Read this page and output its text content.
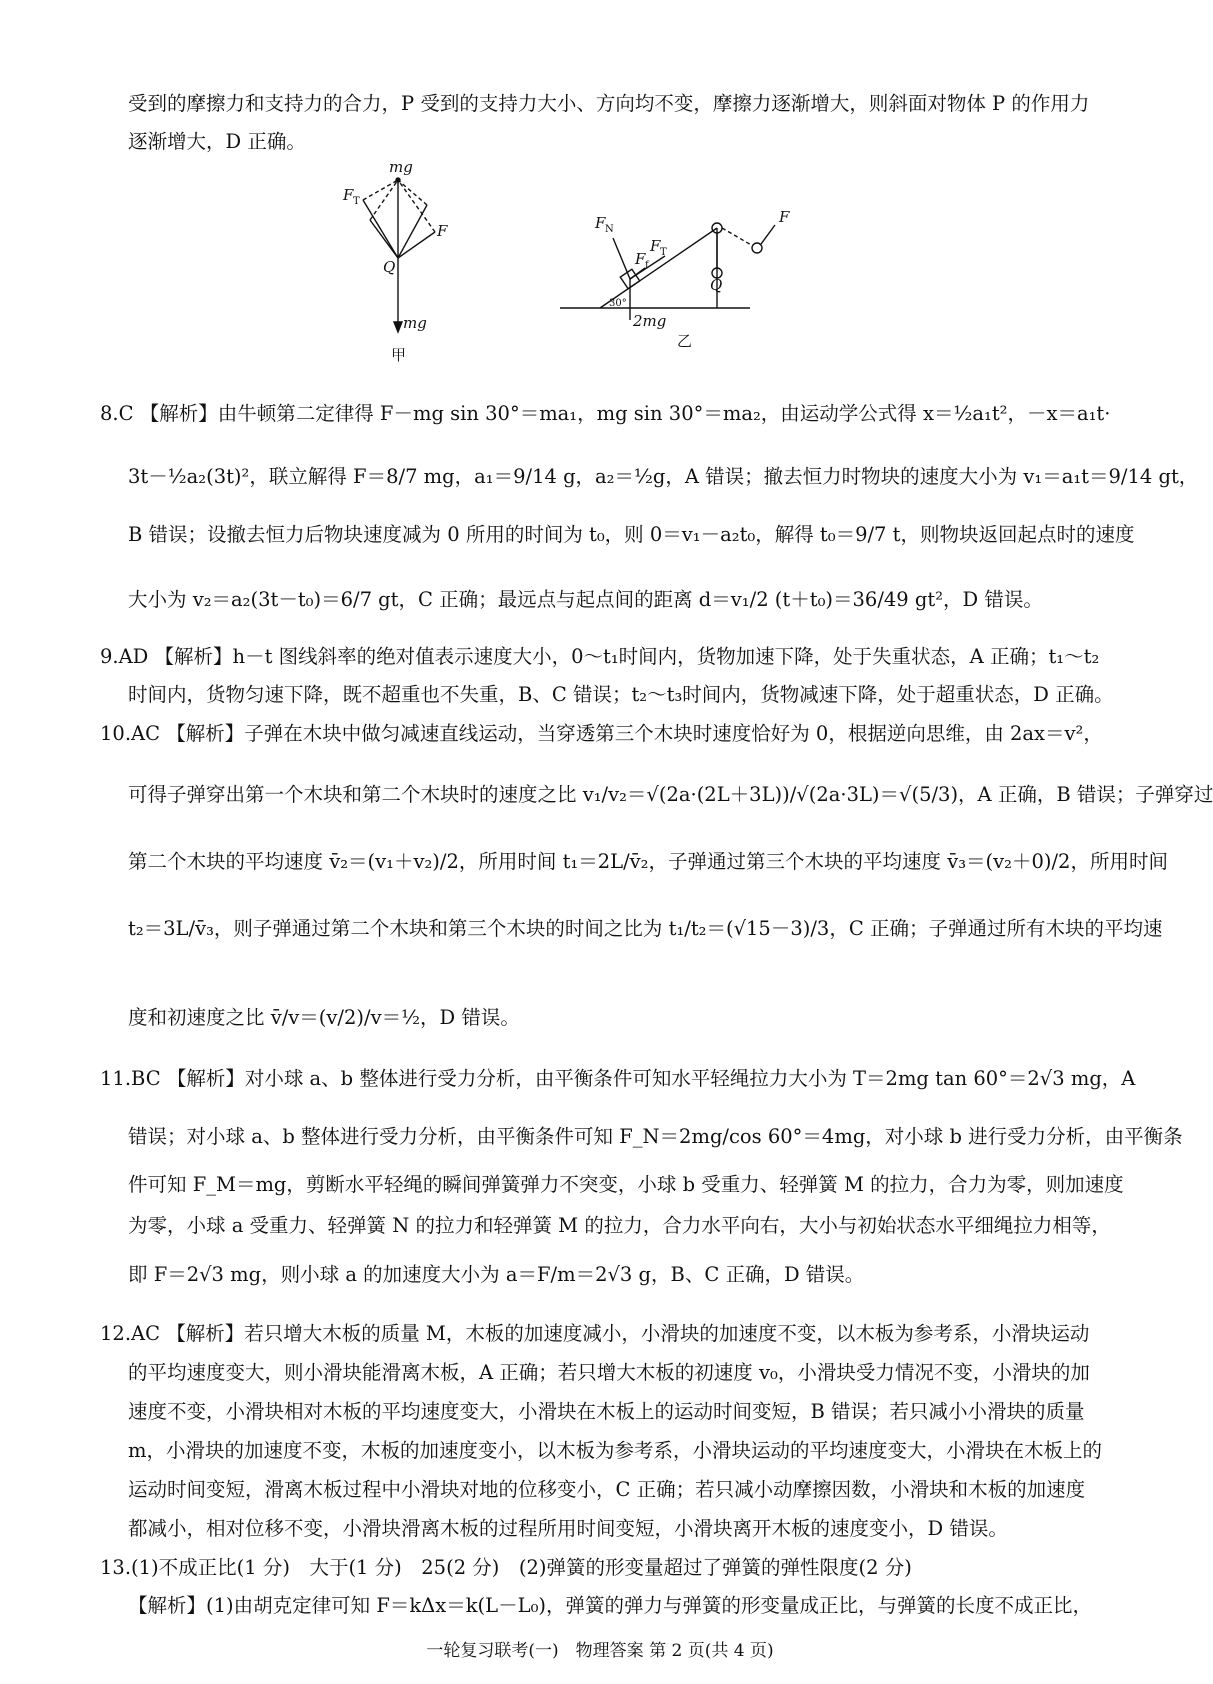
受到的摩擦力和支持力的合力，P 受到的支持力大小、方向均不变，摩擦力逐渐增大，则斜面对物体 P 的作用力
逐渐增大，D 正确。
mg
mg
F T
F
Q
甲
F N
F T
F f
F
Q
30°
2mg
乙
8.C 【解析】由牛顿第二定律得 F－mg sin 30°＝ma₁，mg sin 30°＝ma₂，由运动学公式得 x＝½a₁t²，－x＝a₁t·
3t－½a₂(3t)²，联立解得 F＝8/7 mg，a₁＝9/14 g，a₂＝½g，A 错误；撤去恒力时物块的速度大小为 v₁＝a₁t＝9/14 gt，
B 错误；设撤去恒力后物块速度减为 0 所用的时间为 t₀，则 0＝v₁－a₂t₀，解得 t₀＝9/7 t，则物块返回起点时的速度
大小为 v₂＝a₂(3t－t₀)＝6/7 gt，C 正确；最远点与起点间的距离 d＝v₁/2 (t＋t₀)＝36/49 gt²，D 错误。
9.AD 【解析】h－t 图线斜率的绝对值表示速度大小，0～t₁时间内，货物加速下降，处于失重状态，A 正确；t₁～t₂
时间内，货物匀速下降，既不超重也不失重，B、C 错误；t₂～t₃时间内，货物减速下降，处于超重状态，D 正确。
10.AC 【解析】子弹在木块中做匀减速直线运动，当穿透第三个木块时速度恰好为 0，根据逆向思维，由 2ax＝v²，
可得子弹穿出第一个木块和第二个木块时的速度之比 v₁/v₂＝√(2a·(2L＋3L))/√(2a·3L)＝√(5/3)，A 正确，B 错误；子弹穿过
第二个木块的平均速度 v̄₂＝(v₁＋v₂)/2，所用时间 t₁＝2L/v̄₂，子弹通过第三个木块的平均速度 v̄₃＝(v₂＋0)/2，所用时间
t₂＝3L/v̄₃，则子弹通过第二个木块和第三个木块的时间之比为 t₁/t₂＝(√15－3)/3，C 正确；子弹通过所有木块的平均速
度和初速度之比 v̄/v＝(v/2)/v＝½，D 错误。
11.BC 【解析】对小球 a、b 整体进行受力分析，由平衡条件可知水平轻绳拉力大小为 T＝2mg tan 60°＝2√3 mg，A
错误；对小球 a、b 整体进行受力分析，由平衡条件可知 F_N＝2mg/cos 60°＝4mg，对小球 b 进行受力分析，由平衡条
件可知 F_M＝mg，剪断水平轻绳的瞬间弹簧弹力不突变，小球 b 受重力、轻弹簧 M 的拉力，合力为零，则加速度
为零，小球 a 受重力、轻弹簧 N 的拉力和轻弹簧 M 的拉力，合力水平向右，大小与初始状态水平细绳拉力相等，
即 F＝2√3 mg，则小球 a 的加速度大小为 a＝F/m＝2√3 g，B、C 正确，D 错误。
12.AC 【解析】若只增大木板的质量 M，木板的加速度减小，小滑块的加速度不变，以木板为参考系，小滑块运动
的平均速度变大，则小滑块能滑离木板，A 正确；若只增大木板的初速度 v₀，小滑块受力情况不变，小滑块的加
速度不变，小滑块相对木板的平均速度变大，小滑块在木板上的运动时间变短，B 错误；若只减小小滑块的质量
m，小滑块的加速度不变，木板的加速度变小，以木板为参考系，小滑块运动的平均速度变大，小滑块在木板上的
运动时间变短，滑离木板过程中小滑块对地的位移变小，C 正确；若只减小动摩擦因数，小滑块和木板的加速度
都减小，相对位移不变，小滑块滑离木板的过程所用时间变短，小滑块离开木板的速度变小，D 错误。
13.(1)不成正比(1 分)　大于(1 分)　25(2 分)　(2)弹簧的形变量超过了弹簧的弹性限度(2 分)
【解析】(1)由胡克定律可知 F＝kΔx＝k(L－L₀)，弹簧的弹力与弹簧的形变量成正比，与弹簧的长度不成正比，
一轮复习联考(一)　物理答案 第 2 页(共 4 页)
